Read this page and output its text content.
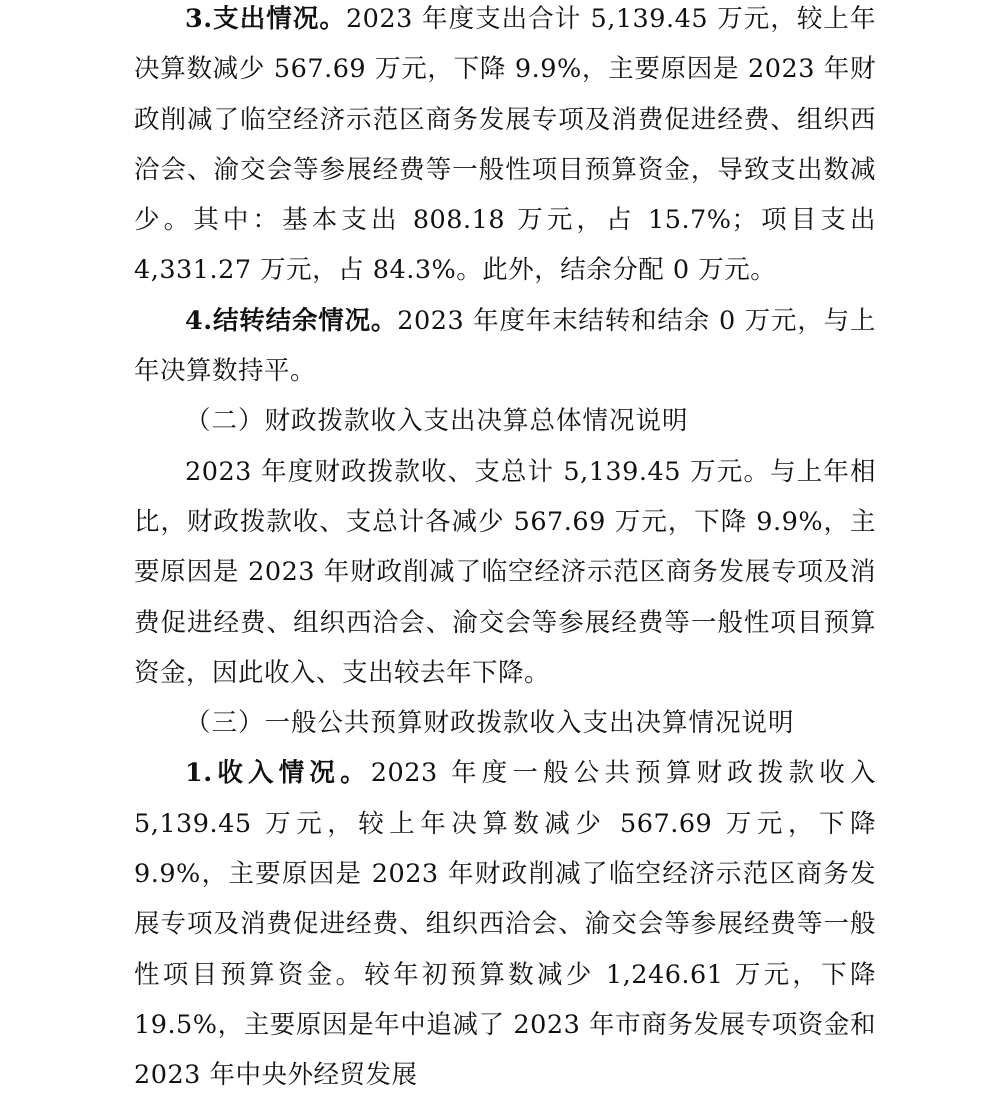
3.支出情况。2023 年度支出合计 5,139.45 万元，较上年决算数减少 567.69 万元，下降 9.9%，主要原因是 2023 年财政削减了临空经济示范区商务发展专项及消费促进经费、组织西洽会、渝交会等参展经费等一般性项目预算资金，导致支出数减少。其中：基本支出 808.18 万元，占 15.7%；项目支出 4,331.27 万元，占 84.3%。此外，结余分配 0 万元。

4.结转结余情况。2023 年度年末结转和结余 0 万元，与上年决算数持平。

（二）财政拨款收入支出决算总体情况说明

2023 年度财政拨款收、支总计 5,139.45 万元。与上年相比，财政拨款收、支总计各减少 567.69 万元，下降 9.9%，主要原因是 2023 年财政削减了临空经济示范区商务发展专项及消费促进经费、组织西洽会、渝交会等参展经费等一般性项目预算资金，因此收入、支出较去年下降。

（三）一般公共预算财政拨款收入支出决算情况说明

1.收入情况。2023 年度一般公共预算财政拨款收入 5,139.45 万元，较上年决算数减少 567.69 万元，下降 9.9%，主要原因是 2023 年财政削减了临空经济示范区商务发展专项及消费促进经费、组织西洽会、渝交会等参展经费等一般性项目预算资金。较年初预算数减少 1,246.61 万元，下降 19.5%，主要原因是年中追减了 2023 年市商务发展专项资金和 2023 年中央外经贸发展
